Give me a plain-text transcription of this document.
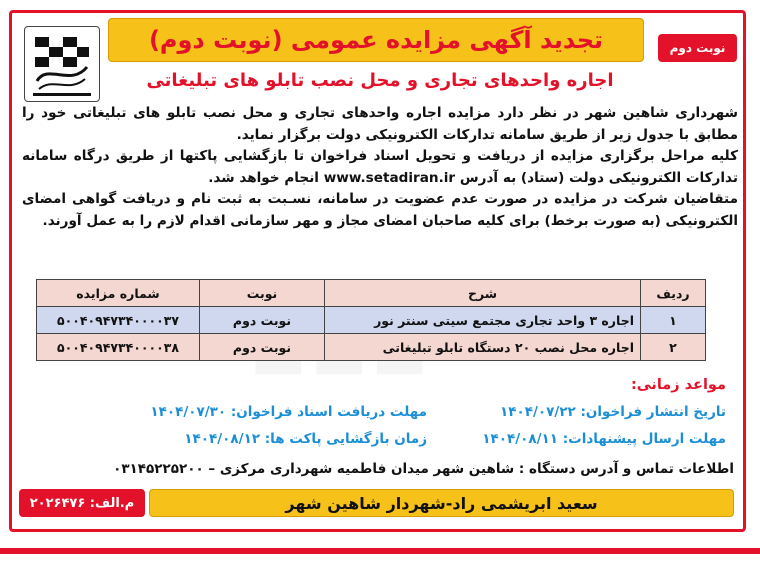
تجدید آگهی مزایده عمومی (نوبت دوم)	نوبت دوم
اجاره واحدهای تجاری و محل نصب تابلو های تبلیغاتی

شهرداری شاهین شهر در نظر دارد مزایده اجاره واحدهای تجاری و محل نصب تابلو های تبلیغاتی خود را مطابق با جدول زیر از طریق سامانه تدارکات الکترونیکی دولت برگزار نماید.

کلیه مراحل برگزاری مزایده از دریافت و تحویل اسناد فراخوان تا بازگشایی پاکتها از طریق درگاه سامانه تدارکات الکترونیکی دولت (ستاد) به آدرس www.setadiran.ir انجام خواهد شد.

متقاضیان شرکت در مزایده در صورت عدم عضویت در سامانه، نسـبت به ثبت نام و دریافت گواهی امضای الکترونیکی (به صورت برخط) برای کلیه صاحبان امضای مجاز و مهر سازمانی اقدام لازم را به عمل آورند.

ردیف	شرح	نوبت	شماره مزایده
۱	اجاره ۳ واحد تجاری مجتمع سیتی سنتر نور	نوبت دوم	۵۰۰۴۰۹۴۷۳۴۰۰۰۰۳۷
۲	اجاره محل نصب ۲۰ دستگاه تابلو تبلیغاتی	نوبت دوم	۵۰۰۴۰۹۴۷۳۴۰۰۰۰۳۸
مواعد زمانی:
تاریخ انتشار فراخوان: ۱۴۰۴/۰۷/۲۲
مهلت دریافت اسناد فراخوان: ۱۴۰۴/۰۷/۳۰
مهلت ارسال پیشنهادات: ۱۴۰۴/۰۸/۱۱
زمان بازگشایی پاکت ها: ۱۴۰۴/۰۸/۱۲
اطلاعات تماس و آدرس دستگاه : شاهین شهر میدان فاطمیه شهرداری مرکزی – ۰۳۱۴۵۲۲۵۲۰۰
سعید ابریشمی راد-شهردار شاهین شهر
م.الف: ۲۰۲۶۴۷۶
